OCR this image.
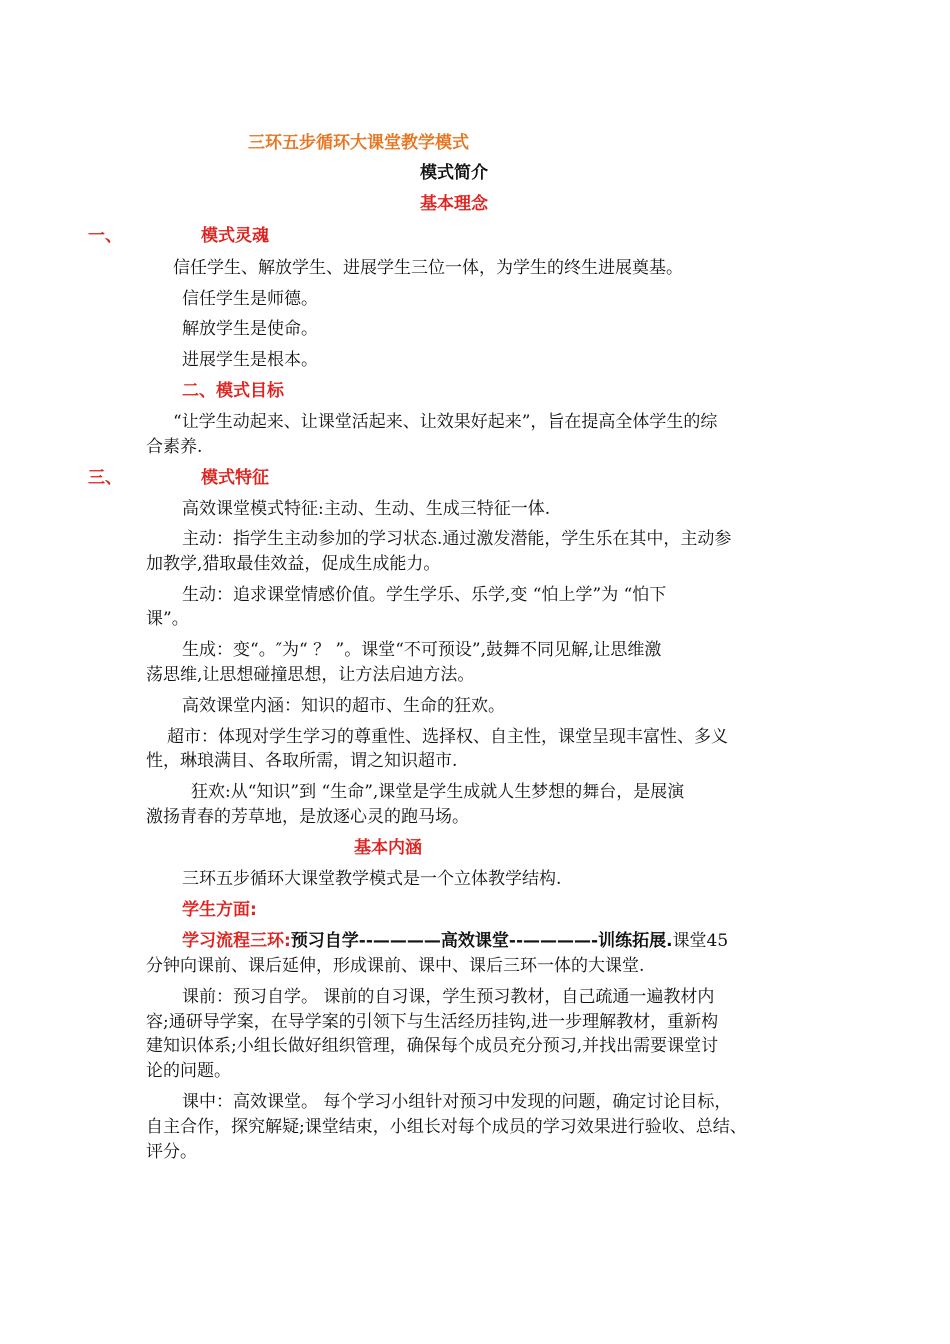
三环五步循环大课堂教学模式
模式简介
基本理念
一、	模式灵魂
信任学生、解放学生、进展学生三位一体，为学生的终生进展奠基。
信任学生是师德。
解放学生是使命。
进展学生是根本。
二、模式目标
“让学生动起来、让课堂活起来、让效果好起来”，旨在提高全体学生的综
合素养.
三、	模式特征
高效课堂模式特征:主动、生动、生成三特征一体.
主动：指学生主动参加的学习状态.通过激发潜能，学生乐在其中，主动参
加教学,猎取最佳效益，促成生成能力。
生动：追求课堂情感价值。学生学乐、乐学,变 “怕上学”为 “怕下
课”。
生成：变“。″为“ ？ ”。课堂“不可预设”,鼓舞不同见解,让思维激
荡思维,让思想碰撞思想，让方法启迪方法。
高效课堂内涵：知识的超市、生命的狂欢。
超市：体现对学生学习的尊重性、选择权、自主性，课堂呈现丰富性、多义
性，琳琅满目、各取所需，谓之知识超市.
狂欢:从“知识”到 “生命”,课堂是学生成就人生梦想的舞台，是展演
激扬青春的芳草地，是放逐心灵的跑马场。
基本内涵
三环五步循环大课堂教学模式是一个立体教学结构.
学生方面:
学习流程三环:预习自学--————高效课堂--————-训练拓展.课堂45
分钟向课前、课后延伸，形成课前、课中、课后三环一体的大课堂.
课前：预习自学。 课前的自习课，学生预习教材，自己疏通一遍教材内
容;通研导学案，在导学案的引领下与生活经历挂钩,进一步理解教材，重新构
建知识体系;小组长做好组织管理，确保每个成员充分预习,并找出需要课堂讨
论的问题。
课中：高效课堂。 每个学习小组针对预习中发现的问题，确定讨论目标，
自主合作，探究解疑;课堂结束，小组长对每个成员的学习效果进行验收、总结、
评分。
